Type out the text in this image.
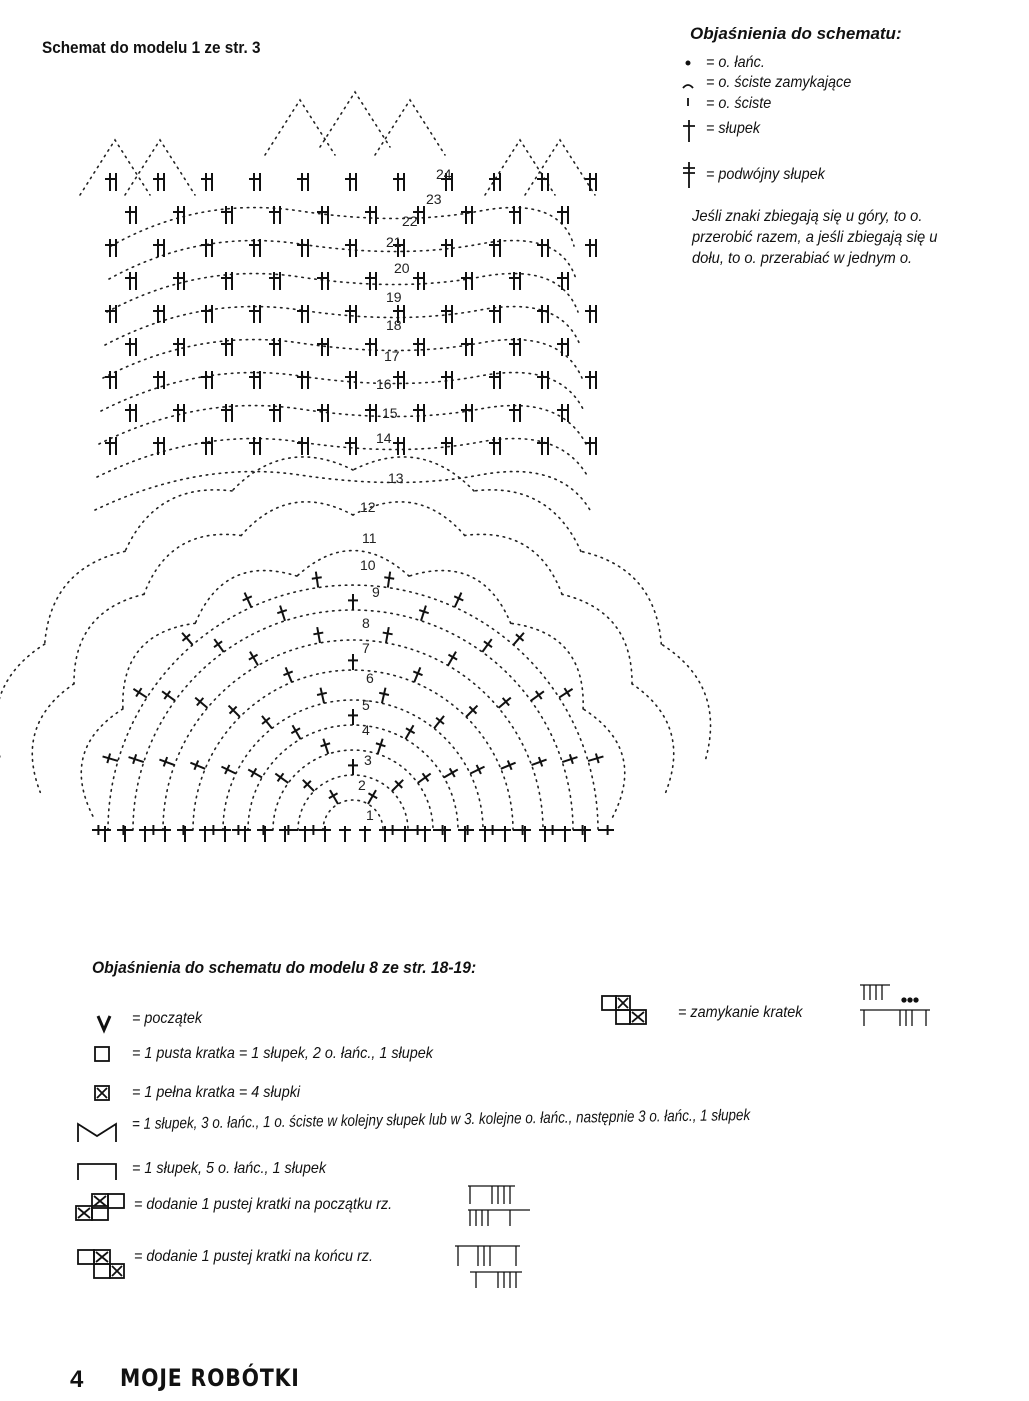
1
2
3
4
5
6
7
8
9
10
11
12
13
14
15
16
17
18
19
20
21
22
23
24
Schemat do modelu 1 ze str. 3
Objaśnienia do schematu:
= o. łańc.
= o. ściste zamykające
= o. ściste
= słupek
= podwójny słupek
Jeśli znaki zbiegają się u góry, to o. przerobić razem, a jeśli zbiegają się u dołu, to o. przerabiać w jednym o.
Objaśnienia do schematu do modelu 8 ze str. 18-19:
= początek
= 1 pusta kratka = 1 słupek, 2 o. łańc., 1 słupek
= 1 pełna kratka = 4 słupki
= 1 słupek, 3 o. łańc., 1 o. ściste w kolejny słupek lub w 3. kolejne o. łańc., następnie 3 o. łańc., 1 słupek
= 1 słupek, 5 o. łańc., 1 słupek
= dodanie 1 pustej kratki na początku rz.
= dodanie 1 pustej kratki na końcu rz.
= zamykanie kratek
4 MOJE ROBÓTKI
